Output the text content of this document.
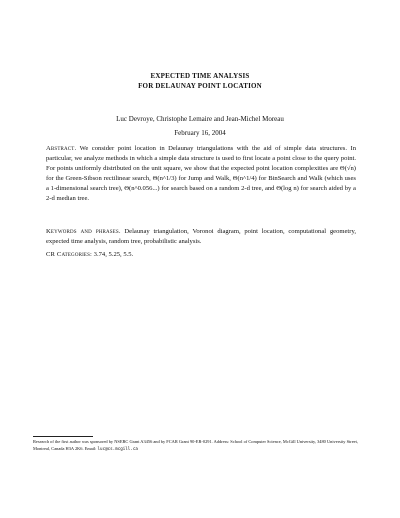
EXPECTED TIME ANALYSIS
FOR DELAUNAY POINT LOCATION
Luc Devroye, Christophe Lemaire and Jean-Michel Moreau
February 16, 2004
Abstract. We consider point location in Delaunay triangulations with the aid of simple data structures. In particular, we analyze methods in which a simple data structure is used to first locate a point close to the query point. For points uniformly distributed on the unit square, we show that the expected point location complexities are Θ(√n) for the Green-Sibson rectilinear search, Θ(n^1/3) for Jump and Walk, Θ(n^1/4) for BinSearch and Walk (which uses a 1-dimensional search tree), Θ(n^0.056...) for search based on a random 2-d tree, and Θ(log n) for search aided by a 2-d median tree.
Keywords and phrases. Delaunay triangulation, Voronoi diagram, point location, computational geometry, expected time analysis, random tree, probabilistic analysis.
CR Categories: 3.74, 5.25, 5.5.
Research of the first author was sponsored by NSERC Grant A3456 and by FCAR Grant 90-ER-0291. Address: School of Computer Science, McGill University, 3480 University Street, Montreal, Canada H3A 2K6. Email: luc@cs.mcgill.ca
